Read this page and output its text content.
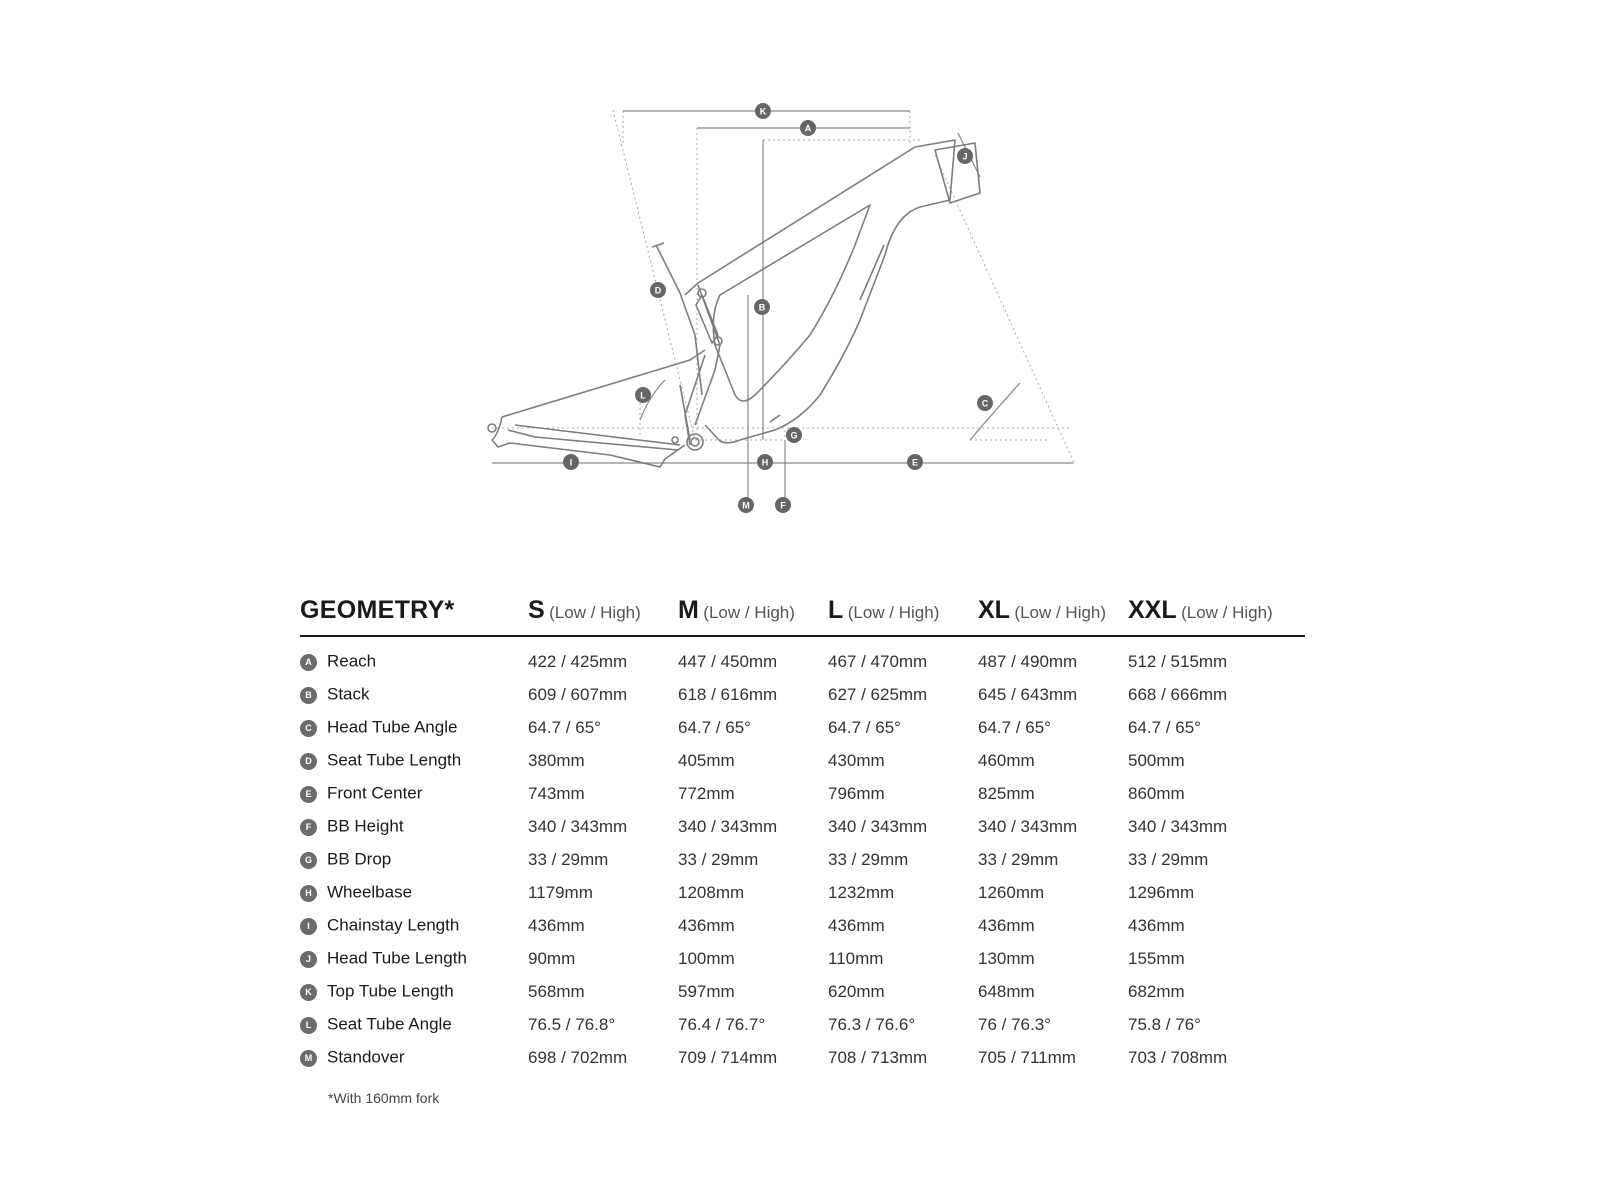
K
A
J
B
D
L
C
G
I	H	E
M	F
GEOMETRY*	S (Low / High)	M (Low / High)	L (Low / High)	XL (Low / High)	XXL (Low / High)
A Reach	422 / 425mm	447 / 450mm	467 / 470mm	487 / 490mm	512 / 515mm
B Stack	609 / 607mm	618 / 616mm	627 / 625mm	645 / 643mm	668 / 666mm
C Head Tube Angle	64.7 / 65°	64.7 / 65°	64.7 / 65°	64.7 / 65°	64.7 / 65°
D Seat Tube Length	380mm	405mm	430mm	460mm	500mm
E Front Center	743mm	772mm	796mm	825mm	860mm
F BB Height	340 / 343mm	340 / 343mm	340 / 343mm	340 / 343mm	340 / 343mm
G BB Drop	33 / 29mm	33 / 29mm	33 / 29mm	33 / 29mm	33 / 29mm
H Wheelbase	1179mm	1208mm	1232mm	1260mm	1296mm
I Chainstay Length	436mm	436mm	436mm	436mm	436mm
J Head Tube Length	90mm	100mm	110mm	130mm	155mm
K Top Tube Length	568mm	597mm	620mm	648mm	682mm
L Seat Tube Angle	76.5 / 76.8°	76.4 / 76.7°	76.3 / 76.6°	76 / 76.3°	75.8 / 76°
M Standover	698 / 702mm	709 / 714mm	708 / 713mm	705 / 711mm	703 / 708mm
*With 160mm fork
